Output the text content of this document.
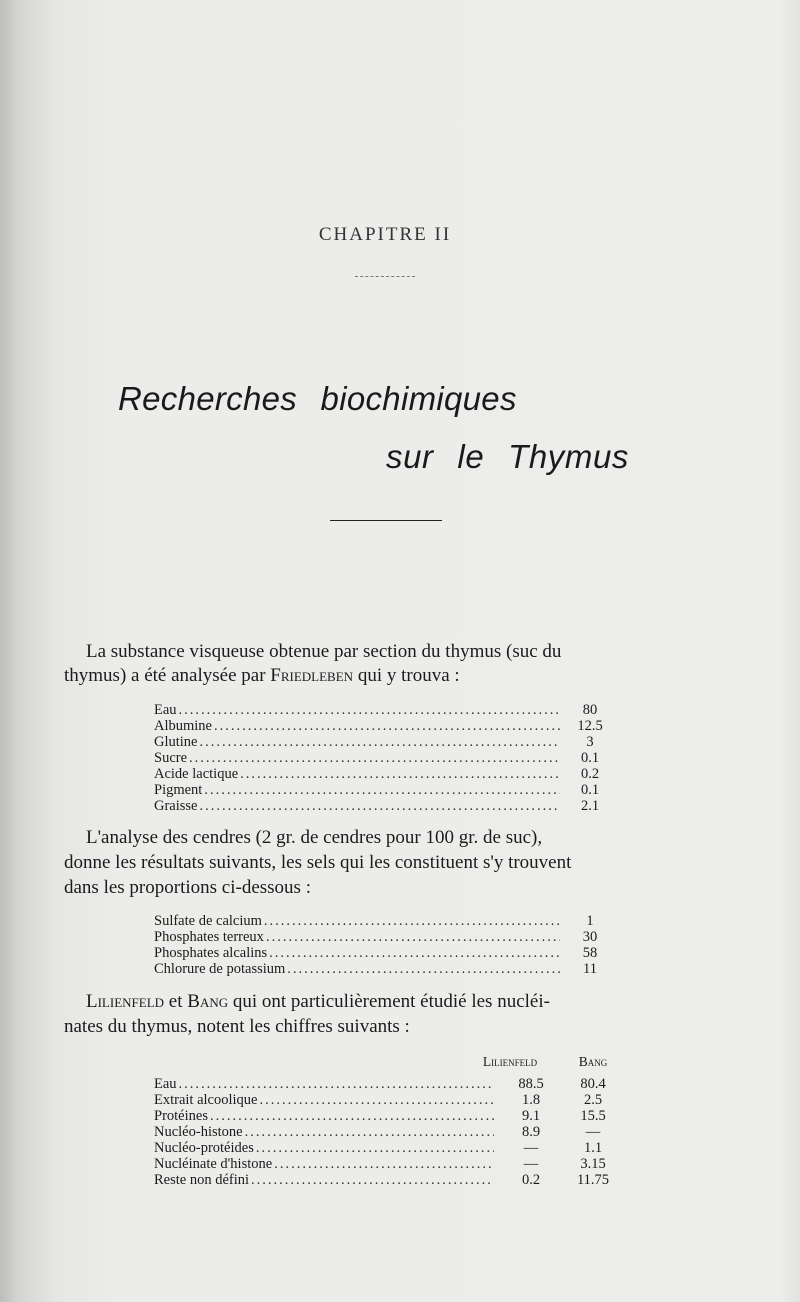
CHAPITRE II
Recherches biochimiques
sur le Thymus
La substance visqueuse obtenue par section du thymus (suc du
thymus) a été analysée par Friedleben qui y trouva :
Eau .....	80
Albumine .....	12.5
Glutine .....	3
Sucre .....	0.1
Acide lactique .....	0.2
Pigment .....	0.1
Graisse .....	2.1
L'analyse des cendres (2 gr. de cendres pour 100 gr. de suc),
donne les résultats suivants, les sels qui les constituent s'y trouvent
dans les proportions ci-dessous :
Sulfate de calcium .....	1
Phosphates terreux .....	30
Phosphates alcalins .....	58
Chlorure de potassium .....	11
Lilienfeld et Bang qui ont particulièrement étudié les nucléi-
nates du thymus, notent les chiffres suivants :
Lilienfeld	Bang
Eau .....	88.5	80.4
Extrait alcoolique .....	1.8	2.5
Protéines .....	9.1	15.5
Nucléo-histone .....	8.9	—
Nucléo-protéides .....	—	1.1
Nucléinate d'histone .....	—	3.15
Reste non défini .....	0.2	11.75
